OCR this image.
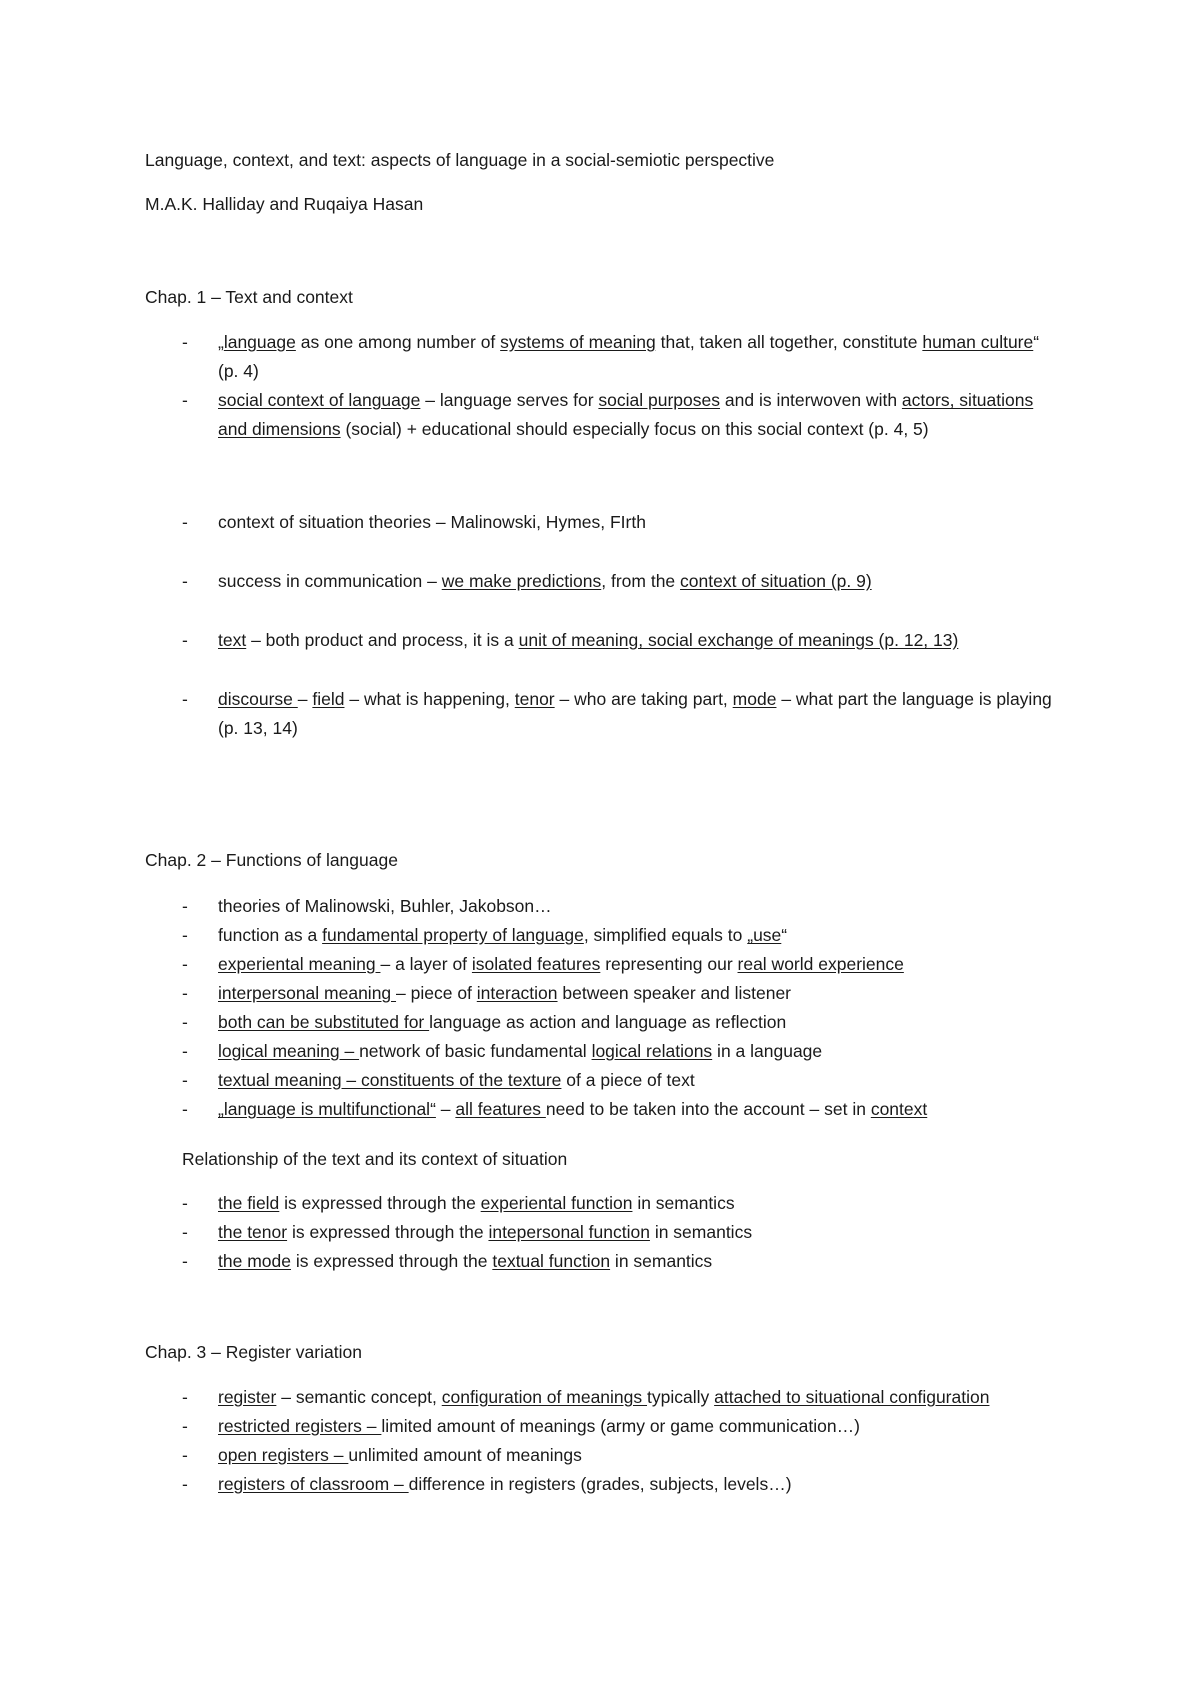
Language, context, and text: aspects of language in a social-semiotic perspective
M.A.K. Halliday and Ruqaiya Hasan
Chap. 1 – Text and context
- „language as one among number of systems of meaning that, taken all together, constitute human culture“ (p. 4)
- social context of language – language serves for social purposes and is interwoven with actors, situations and dimensions (social) + educational should especially focus on this social context (p. 4, 5)
- context of situation theories – Malinowski, Hymes, FIrth
- success in communication – we make predictions, from the context of situation (p. 9)
- text – both product and process, it is a unit of meaning, social exchange of meanings (p. 12, 13)
- discourse – field – what is happening, tenor – who are taking part, mode – what part the language is playing (p. 13, 14)
Chap. 2 – Functions of language
- theories of Malinowski, Buhler, Jakobson…
- function as a fundamental property of language, simplified equals to „use“
- experiental meaning – a layer of isolated features representing our real world experience
- interpersonal meaning – piece of interaction between speaker and listener
- both can be substituted for language as action and language as reflection
- logical meaning – network of basic fundamental logical relations in a language
- textual meaning – constituents of the texture of a piece of text
- „language is multifunctional“ – all features need to be taken into the account – set in context
Relationship of the text and its context of situation
- the field is expressed through the experiental function in semantics
- the tenor is expressed through the intepersonal function in semantics
- the mode is expressed through the textual function in semantics
Chap. 3 – Register variation
- register – semantic concept, configuration of meanings typically attached to situational configuration
- restricted registers – limited amount of meanings (army or game communication…)
- open registers – unlimited amount of meanings
- registers of classroom – difference in registers (grades, subjects, levels…)
